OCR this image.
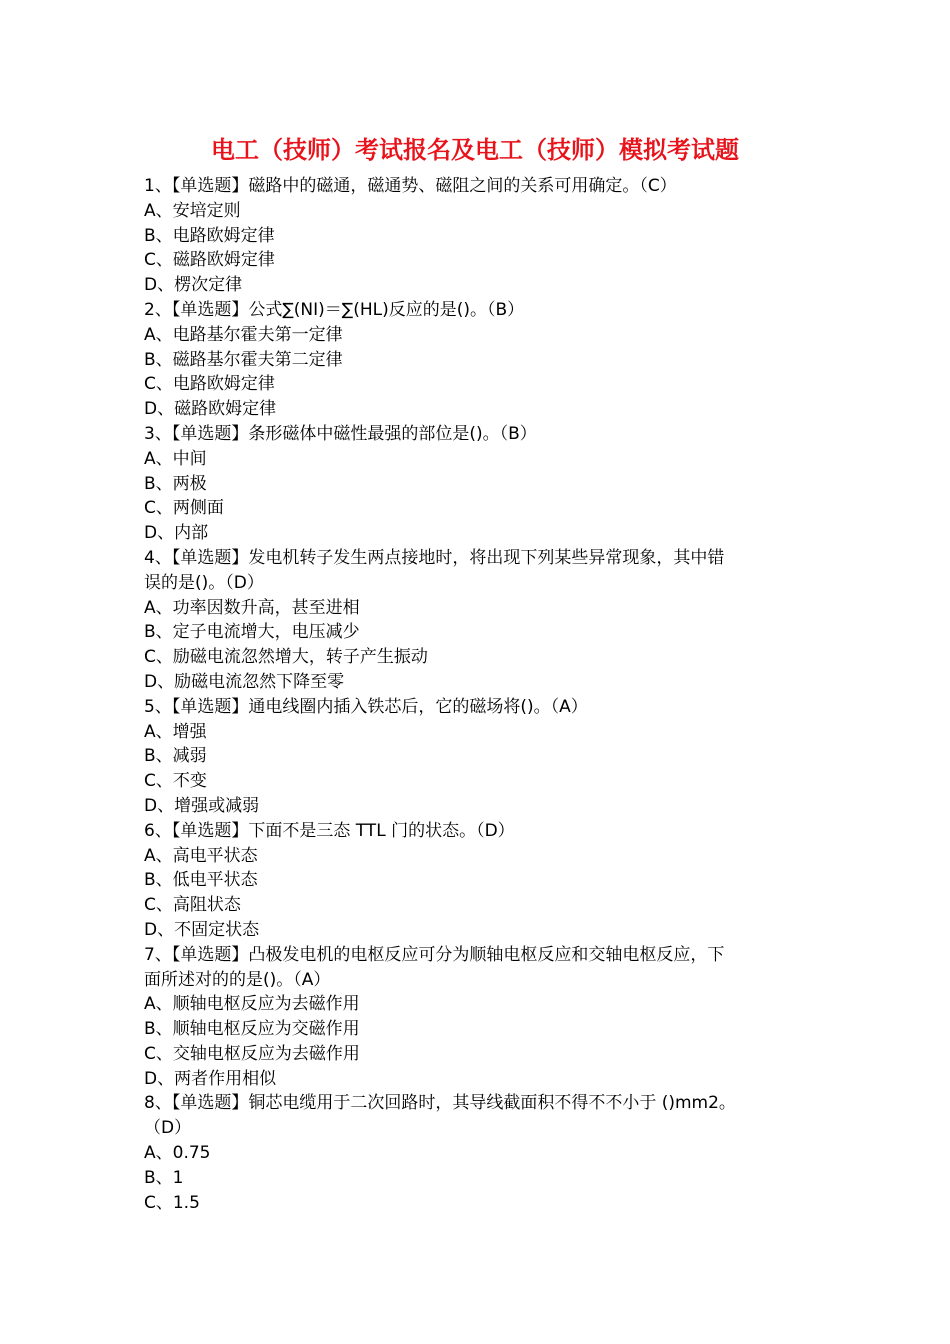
电工（技师）考试报名及电工（技师）模拟考试题
1、【单选题】磁路中的磁通，磁通势、磁阻之间的关系可用确定。（C）
A、安培定则
B、电路欧姆定律
C、磁路欧姆定律
D、楞次定律
2、【单选题】公式∑(NI)＝∑(HL)反应的是()。（B）
A、电路基尔霍夫第一定律
B、磁路基尔霍夫第二定律
C、电路欧姆定律
D、磁路欧姆定律
3、【单选题】条形磁体中磁性最强的部位是()。（B）
A、中间
B、两极
C、两侧面
D、内部
4、【单选题】发电机转子发生两点接地时，将出现下列某些异常现象，其中错
误的是()。（D）
A、功率因数升高，甚至进相
B、定子电流增大，电压减少
C、励磁电流忽然增大，转子产生振动
D、励磁电流忽然下降至零
5、【单选题】通电线圈内插入铁芯后，它的磁场将()。（A）
A、增强
B、减弱
C、不变
D、增强或减弱
6、【单选题】下面不是三态 TTL 门的状态。（D）
A、高电平状态
B、低电平状态
C、高阻状态
D、不固定状态
7、【单选题】凸极发电机的电枢反应可分为顺轴电枢反应和交轴电枢反应，下
面所述对的的是()。（A）
A、顺轴电枢反应为去磁作用
B、顺轴电枢反应为交磁作用
C、交轴电枢反应为去磁作用
D、两者作用相似
8、【单选题】铜芯电缆用于二次回路时，其导线截面积不得不不小于 ()mm2。
（D）
A、0.75
B、1
C、1.5
